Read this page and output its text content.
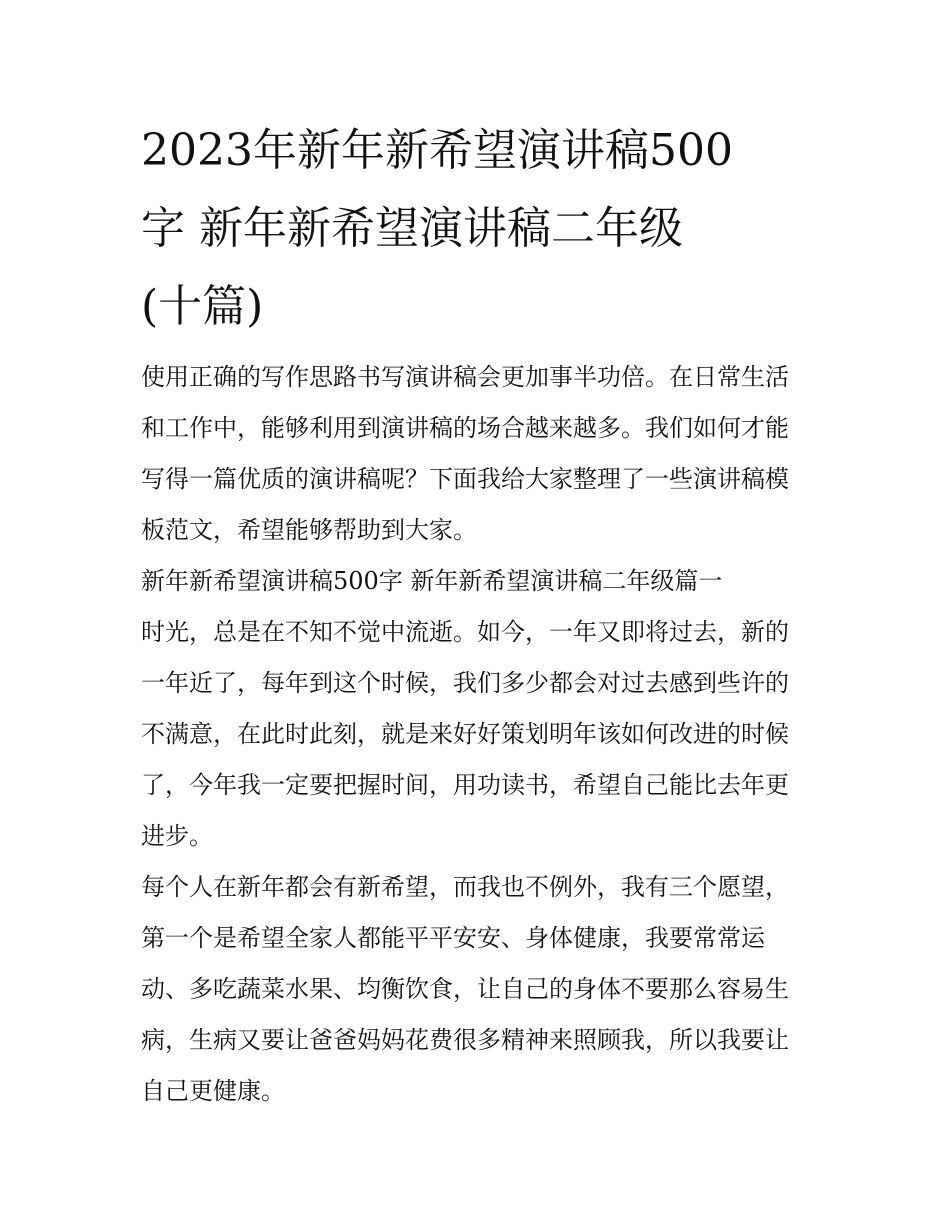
2023年新年新希望演讲稿500
字 新年新希望演讲稿二年级
(十篇)

使用正确的写作思路书写演讲稿会更加事半功倍。在日常生活
和工作中，能够利用到演讲稿的场合越来越多。我们如何才能
写得一篇优质的演讲稿呢？下面我给大家整理了一些演讲稿模
板范文，希望能够帮助到大家。

新年新希望演讲稿500字 新年新希望演讲稿二年级篇一

时光，总是在不知不觉中流逝。如今，一年又即将过去，新的
一年近了，每年到这个时候，我们多少都会对过去感到些许的
不满意，在此时此刻，就是来好好策划明年该如何改进的时候
了，今年我一定要把握时间，用功读书，希望自己能比去年更
进步。

每个人在新年都会有新希望，而我也不例外，我有三个愿望，
第一个是希望全家人都能平平安安、身体健康，我要常常运
动、多吃蔬菜水果、均衡饮食，让自己的身体不要那么容易生
病，生病又要让爸爸妈妈花费很多精神来照顾我，所以我要让
自己更健康。
